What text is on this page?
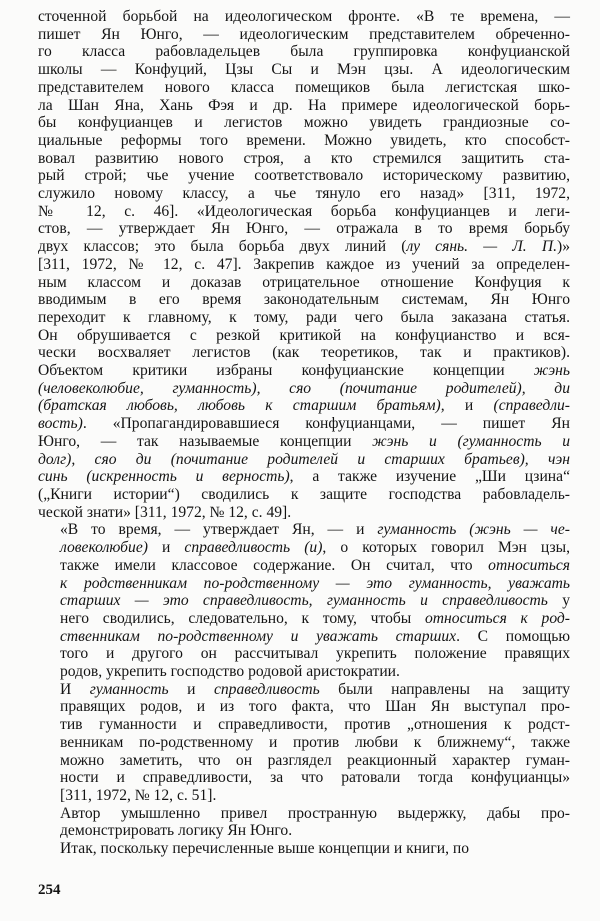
сточенной борьбой на идеологическом фронте. «В те времена, —
пишет Ян Юнго, — идеологическим представителем обреченно-
го класса рабовладельцев была группировка конфуцианской
школы — Конфуций, Цзы Сы и Мэн цзы. А идеологическим
представителем нового класса помещиков была легистская шко-
ла Шан Яна, Хань Фэя и др. На примере идеологической борь-
бы конфуцианцев и легистов можно увидеть грандиозные со-
циальные реформы того времени. Можно увидеть, кто способст-
вовал развитию нового строя, а кто стремился защитить ста-
рый строй; чье учение соответствовало историческому развитию,
служило новому классу, а чье тянуло его назад» [311, 1972,
№ 12, с. 46]. «Идеологическая борьба конфуцианцев и леги-
стов, — утверждает Ян Юнго, — отражала в то время борьбу
двух классов; это была борьба двух линий (лу сянь. — Л. П.)»
[311, 1972, № 12, с. 47]. Закрепив каждое из учений за определен-
ным классом и доказав отрицательное отношение Конфуция к
вводимым в его время законодательным системам, Ян Юнго
переходит к главному, к тому, ради чего была заказана статья.
Он обрушивается с резкой критикой на конфуцианство и вся-
чески восхваляет легистов (как теоретиков, так и практиков).
Объектом критики избраны конфуцианские концепции жэнь
(человеколюбие, гуманность), сяо (почитание родителей), ди
(братская любовь, любовь к старшим братьям), и (справедли-
вость). «Пропагандировавшиеся конфуцианцами, — пишет Ян
Юнго, — так называемые концепции жэнь и (гуманность и
долг), сяо ди (почитание родителей и старших братьев), чэн
синь (искренность и верность), а также изучение „Ши цзина“
(„Книги истории“) сводились к защите господства рабовладель-
ческой знати» [311, 1972, № 12, с. 49].

«В то время, — утверждает Ян, — и гуманность (жэнь — че-
ловеколюбие) и справедливость (и), о которых говорил Мэн цзы,
также имели классовое содержание. Он считал, что относиться
к родственникам по-родственному — это гуманность, уважать
старших — это справедливость, гуманность и справедливость у
него сводились, следовательно, к тому, чтобы относиться к род-
ственникам по-родственному и уважать старших. С помощью
того и другого он рассчитывал укрепить положение правящих
родов, укрепить господство родовой аристократии.

И гуманность и справедливость были направлены на защиту
правящих родов, и из того факта, что Шан Ян выступал про-
тив гуманности и справедливости, против „отношения к родст-
венникам по-родственному и против любви к ближнему“, также
можно заметить, что он разглядел реакционный характер гуман-
ности и справедливости, за что ратовали тогда конфуцианцы»
[311, 1972, № 12, с. 51].

Автор умышленно привел пространную выдержку, дабы про-
демонстрировать логику Ян Юнго.

Итак, поскольку перечисленные выше концепции и книги, по

254
